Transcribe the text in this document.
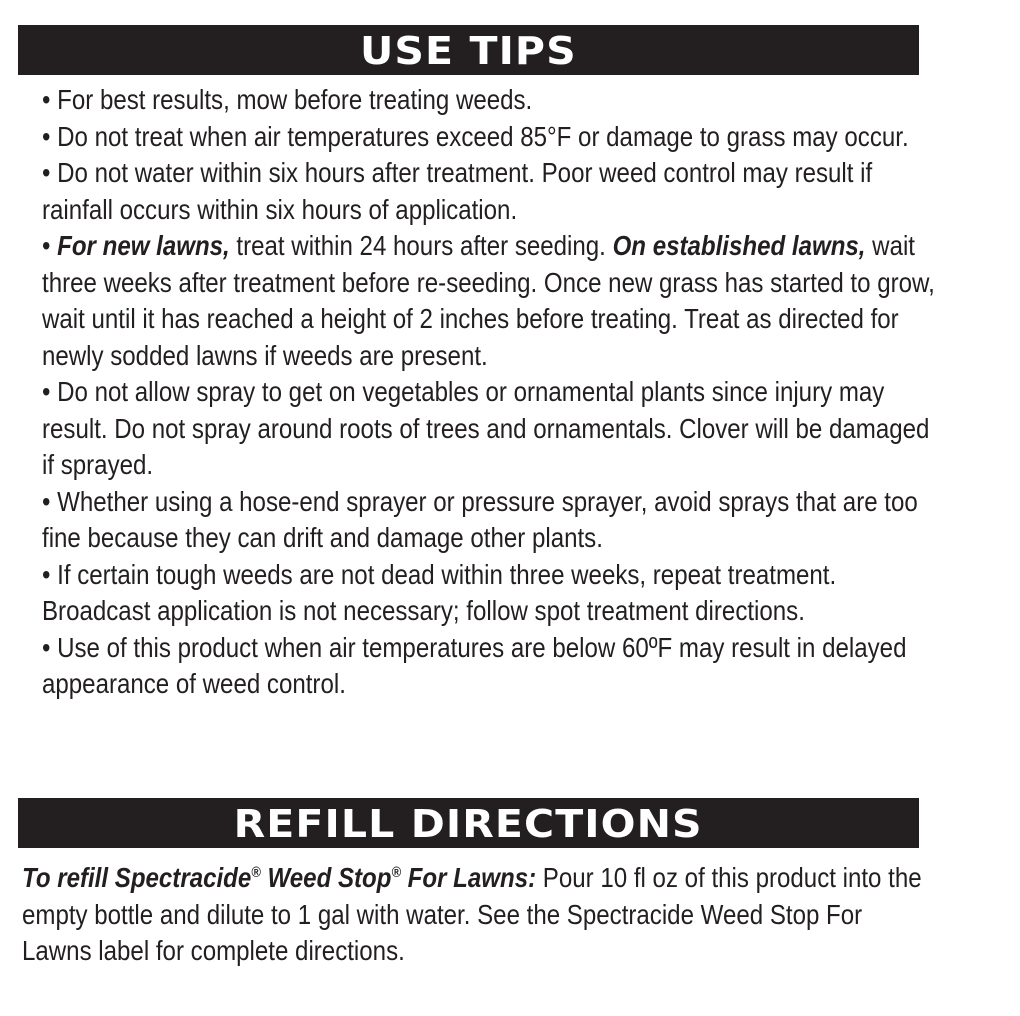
USE TIPS
• For best results, mow before treating weeds.
• Do not treat when air temperatures exceed 85°F or damage to grass may occur.
• Do not water within six hours after treatment. Poor weed control may result if rainfall occurs within six hours of application.
• For new lawns, treat within 24 hours after seeding. On established lawns, wait three weeks after treatment before re-seeding. Once new grass has started to grow, wait until it has reached a height of 2 inches before treating. Treat as directed for newly sodded lawns if weeds are present.
• Do not allow spray to get on vegetables or ornamental plants since injury may result. Do not spray around roots of trees and ornamentals. Clover will be damaged if sprayed.
• Whether using a hose-end sprayer or pressure sprayer, avoid sprays that are too fine because they can drift and damage other plants.
• If certain tough weeds are not dead within three weeks, repeat treatment. Broadcast application is not necessary; follow spot treatment directions.
• Use of this product when air temperatures are below 60ºF may result in delayed appearance of weed control.
REFILL DIRECTIONS

To refill Spectracide® Weed Stop® For Lawns: Pour 10 fl oz of this product into the empty bottle and dilute to 1 gal with water. See the Spectracide Weed Stop For Lawns label for complete directions.
